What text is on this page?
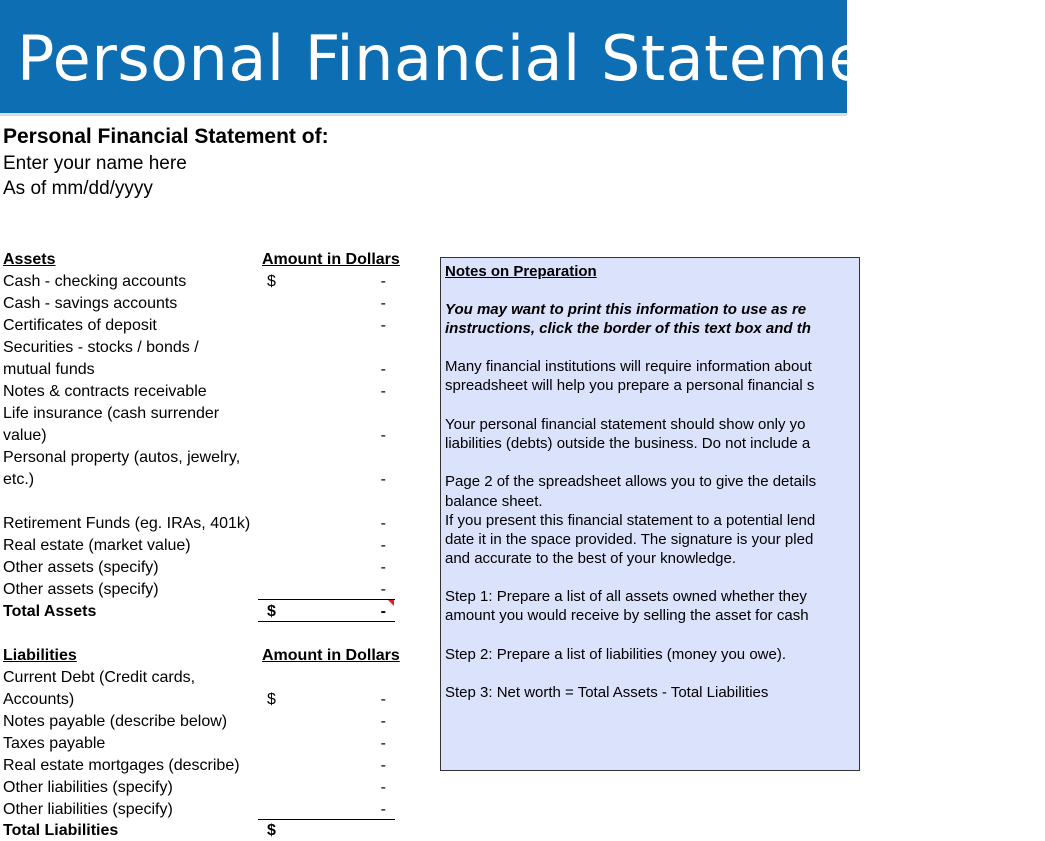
Personal Financial Statement
Personal Financial Statement of:
Enter your name here
As of mm/dd/yyyy
Assets	Amount in Dollars
Cash - checking accounts	$	-
Cash - savings accounts	-
Certificates of deposit	-
Securities - stocks / bonds /
mutual funds	-
Notes & contracts receivable	-
Life insurance (cash surrender
value)	-
Personal property (autos, jewelry,
etc.)	-
Retirement Funds (eg. IRAs, 401k)	-
Real estate (market value)	-
Other assets (specify)	-
Other assets (specify)	-
Total Assets	$	-
Liabilities	Amount in Dollars
Current Debt (Credit cards,
Accounts)	$	-
Notes payable (describe below)	-
Taxes payable	-
Real estate mortgages (describe)	-
Other liabilities (specify)	-
Other liabilities (specify)	-
Total Liabilities	$

Notes on Preparation

You may want to print this information to use as re

instructions, click the border of this text box and th

Many financial institutions will require information about

spreadsheet will help you prepare a personal financial s

Your personal financial statement should show only yo

liabilities (debts) outside the business. Do not include a

Page 2 of the spreadsheet allows you to give the details

balance sheet.

If you present this financial statement to a potential lend

date it in the space provided. The signature is your pled

and accurate to the best of your knowledge.

Step 1: Prepare a list of all assets owned whether they

amount you would receive by selling the asset for cash

Step 2: Prepare a list of liabilities (money you owe).

Step 3: Net worth = Total Assets - Total Liabilities
